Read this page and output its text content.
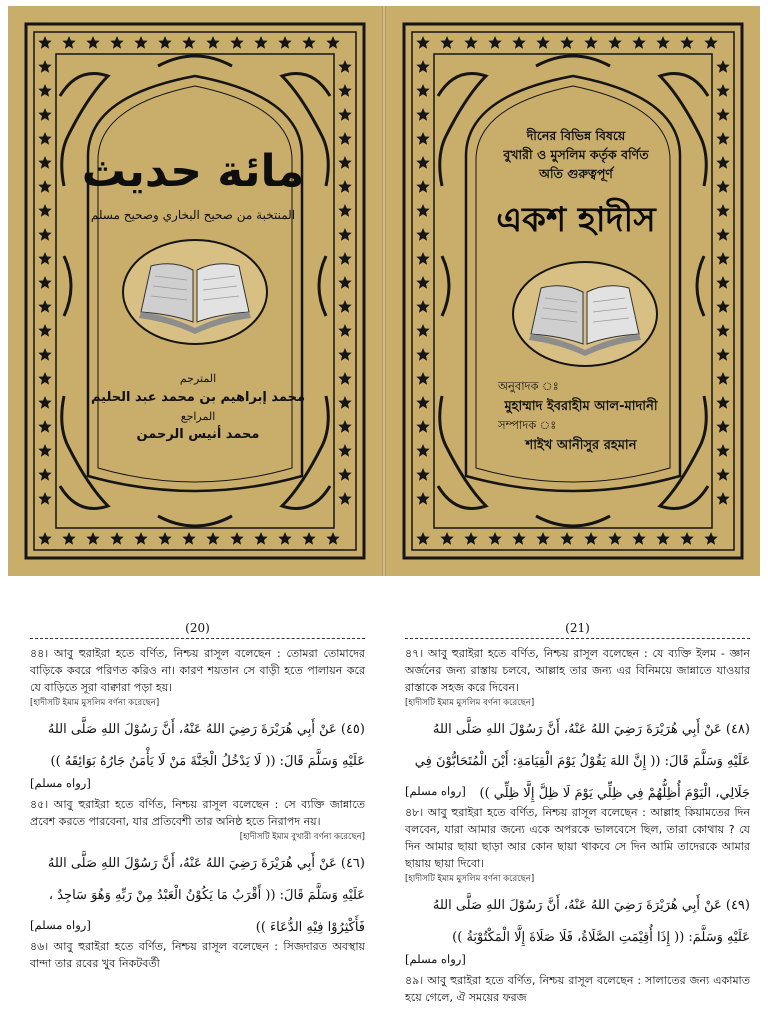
مائة حديث
المنتخبة من صحيح البخاري وصحيح مسلم
المترجم
محمد إبراهيم بن محمد عبد الحليم
المراجع
محمد أنيس الرحمن
দীনের বিভিন্ন বিষয়ে
বুখারী ও মুসলিম কর্তৃক বর্ণিত
অতি গুরুত্বপূর্ণ
একশ হাদীস
অনুবাদক ঃ
মুহাম্মাদ ইবরাহীম আল-মাদানী
সম্পাদক ঃ
শাইখ আনীসুর রহমান
(20)
৪৪। আবু হুরাইরা হতে বর্ণিত, নিশ্চয় রাসূল বলেছেন : তোমরা তোমাদের বাড়িকে কবরে পরিণত করিও না। কারণ শয়তান সে বাড়ী হতে পালায়ন করে যে বাড়িতে সূরা বাক্বারা পড়া হয়।
[হাদীসটি ইমাম মুসলিম বর্ণনা করেছেন]
(٤٥) عَنْ أَبِي هُرَيْرَةَ رَضِيَ اللهُ عَنْهُ، أَنَّ رَسُوْلَ اللهِ صَلَّى اللهُ
عَلَيْهِ وَسَلَّمَ قَالَ: (( لَا يَدْخُلُ الْجَنَّةَ مَنْ لَا يَأْمَنُ جَارُهُ بَوَائِقَهُ ))
[رواه مسلم]
৪৫। আবু হুরাইরা হতে বর্ণিত, নিশ্চয় রাসূল বলেছেন : সে ব্যক্তি জান্নাতে প্রবেশ করতে পারবেনা, যার প্রতিবেশী তার অনিষ্ঠ হতে নিরাপদ নয়।
[হাদীসটি ইমাম বুখারী বর্ণনা করেছেন]
(٤٦) عَنْ أَبِي هُرَيْرَةَ رَضِيَ اللهُ عَنْهُ، أَنَّ رَسُوْلَ اللهِ صَلَّى اللهُ
عَلَيْهِ وَسَلَّمَ قَالَ: (( أَقْرَبُ مَا يَكُوْنُ الْعَبْدُ مِنْ رَبِّهِ وَهُوَ سَاجِدٌ ،
فَأَكْثِرُوْا فِيْهِ الدُّعَاءَ ))
[رواه مسلم]
৪৬। আবু হুরাইরা হতে বর্ণিত, নিশ্চয় রাসূল বলেছেন : সিজদারত অবস্থায় বান্দা তার রবের খুব নিকটবর্তী
(21)
৪৭। আবু হুরাইরা হতে বর্ণিত, নিশ্চয় রাসূল বলেছেন : যে ব্যক্তি ইলম - জ্ঞান অর্জনের জন্য রাস্তায় চলবে, আল্লাহ তার জন্য এর বিনিময়ে জান্নাতে যাওয়ার রাস্তাকে সহজ করে দিবেন।
[হাদীসটি ইমাম মুসলিম বর্ণনা করেছেন]
(٤٨) عَنْ أَبِي هُرَيْرَةَ رَضِيَ اللهُ عَنْهُ، أَنَّ رَسُوْلَ اللهِ صَلَّى اللهُ
عَلَيْهِ وَسَلَّمَ قَالَ: (( إِنَّ اللهَ يَقُوْلُ يَوْمَ الْقِيَامَةِ: أَيْنَ الْمُتَحَابُّوْنَ فِي
جَلَالِي، الْيَوْمَ أُظِلُّهُمْ فِي ظِلِّي يَوْمَ لَا ظِلَّ إِلَّا ظِلِّي ))
[رواه مسلم]
৪৮। আবু হুরাইরা হতে বর্ণিত, নিশ্চয় রাসূল বলেছেন : আল্লাহ কিয়ামতের দিন বলবেন, যারা আমার জন্যে একে অপরকে ভালবেসে ছিল, তারা কোথায় ? যে দিন আমার ছায়া ছাড়া আর কোন ছায়া থাকবে সে দিন আমি তাদেরকে আমার ছায়ায় ছায়া দিবো।
[হাদীসটি ইমাম মুসলিম বর্ণনা করেছেন]
(٤٩) عَنْ أَبِي هُرَيْرَةَ رَضِيَ اللهُ عَنْهُ، أَنَّ رَسُوْلَ اللهِ صَلَّى اللهُ
عَلَيْهِ وَسَلَّمَ: (( إِذَا أُقِيْمَتِ الصَّلَاةُ، فَلَا صَلَاةَ إِلَّا الْمَكْتُوْبَةُ ))
[رواه مسلم]
৪৯। আবু হুরাইরা হতে বর্ণিত, নিশ্চয় রাসূল বলেছেন : সালাতের জন্য একামাত হয়ে গেলে, ঐ সময়ের ফরজ
